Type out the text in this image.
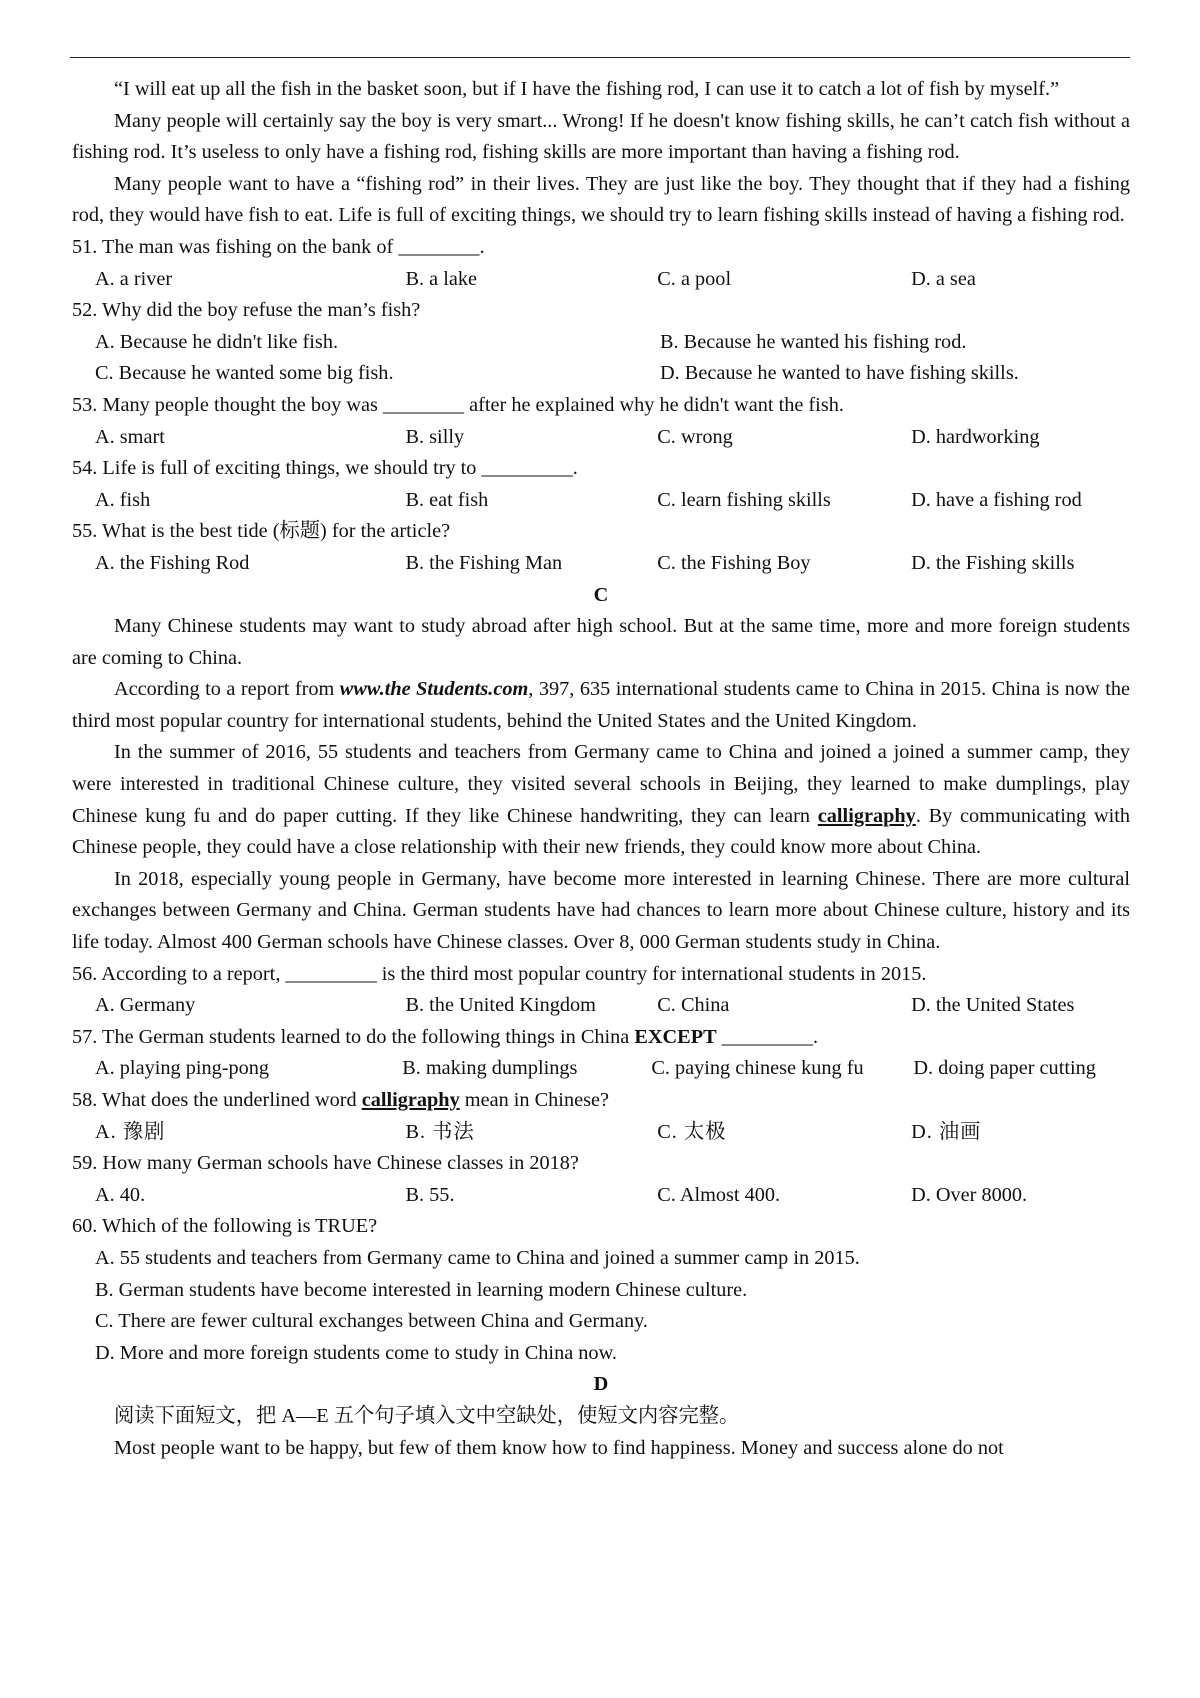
“I will eat up all the fish in the basket soon, but if I have the fishing rod, I can use it to catch a lot of fish by myself.”

Many people will certainly say the boy is very smart... Wrong! If he doesn't know fishing skills, he can’t catch fish without a fishing rod. It’s useless to only have a fishing rod, fishing skills are more important than having a fishing rod.

Many people want to have a “fishing rod” in their lives. They are just like the boy. They thought that if they had a fishing rod, they would have fish to eat. Life is full of exciting things, we should try to learn fishing skills instead of having a fishing rod.

51. The man was fishing on the bank of ________.

A. a river	B. a lake	C. a pool	D. a sea

52. Why did the boy refuse the man’s fish?

A. Because he didn't like fish.	B. Because he wanted his fishing rod.
C. Because he wanted some big fish.	D. Because he wanted to have fishing skills.

53. Many people thought the boy was ________ after he explained why he didn't want the fish.

A. smart	B. silly	C. wrong	D. hardworking

54. Life is full of exciting things, we should try to _________.

A. fish	B. eat fish	C. learn fishing skills	D. have a fishing rod

55. What is the best tide (标题) for the article?

A. the Fishing Rod	B. the Fishing Man	C. the Fishing Boy	D. the Fishing skills

C

Many Chinese students may want to study abroad after high school. But at the same time, more and more foreign students are coming to China.

According to a report from www.the Students.com, 397, 635 international students came to China in 2015. China is now the third most popular country for international students, behind the United States and the United Kingdom.

In the summer of 2016, 55 students and teachers from Germany came to China and joined a joined a summer camp, they were interested in traditional Chinese culture, they visited several schools in Beijing, they learned to make dumplings, play Chinese kung fu and do paper cutting. If they like Chinese handwriting, they can learn calligraphy. By communicating with Chinese people, they could have a close relationship with their new friends, they could know more about China.

In 2018, especially young people in Germany, have become more interested in learning Chinese. There are more cultural exchanges between Germany and China. German students have had chances to learn more about Chinese culture, history and its life today. Almost 400 German schools have Chinese classes. Over 8, 000 German students study in China.

56. According to a report, _________ is the third most popular country for international students in 2015.

A. Germany	B. the United Kingdom	C. China	D. the United States

57. The German students learned to do the following things in China EXCEPT _________.

A. playing ping-pong	B. making dumplings	C. paying chinese kung fu	D. doing paper cutting

58. What does the underlined word calligraphy mean in Chinese?

A. 豫剧	B. 书法	C. 太极	D. 油画

59. How many German schools have Chinese classes in 2018?

A. 40.	B. 55.	C. Almost 400.	D. Over 8000.

60. Which of the following is TRUE?

A. 55 students and teachers from Germany came to China and joined a summer camp in 2015.
B. German students have become interested in learning modern Chinese culture.
C. There are fewer cultural exchanges between China and Germany.
D. More and more foreign students come to study in China now.

D

阅读下面短文，把 A—E 五个句子填入文中空缺处，使短文内容完整。

Most people want to be happy, but few of them know how to find happiness. Money and success alone do not
